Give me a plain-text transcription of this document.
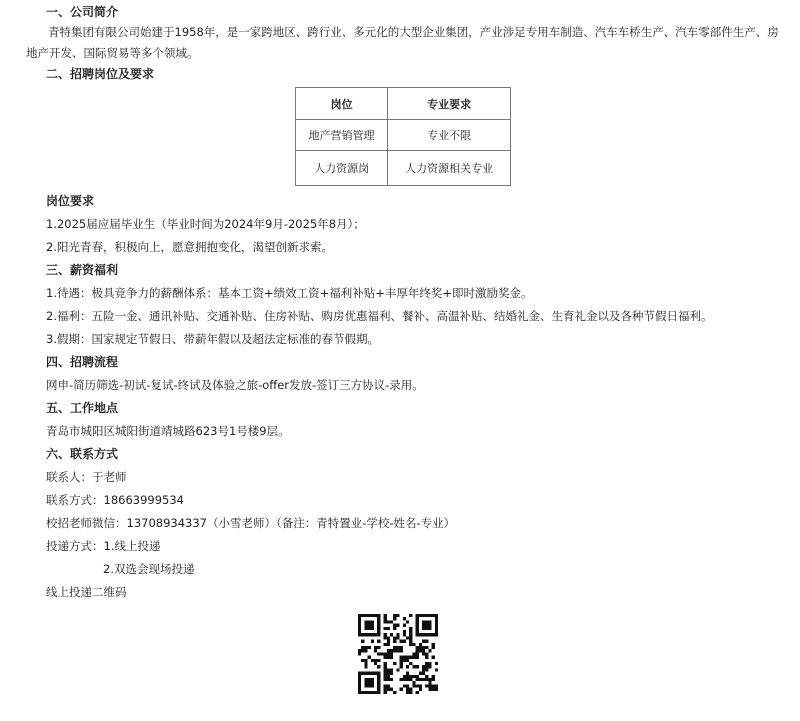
一、公司简介
青特集团有限公司始建于1958年，是一家跨地区、跨行业、多元化的大型企业集团，产业涉足专用车制造、汽车车桥生产、汽车零部件生产、房地产开发、国际贸易等多个领域。
二、招聘岗位及要求
岗位	专业要求
地产营销管理	专业不限
人力资源岗	人力资源相关专业
岗位要求
1.2025届应届毕业生（毕业时间为2024年9月-2025年8月）；
2.阳光青春，积极向上，愿意拥抱变化，渴望创新求索。
三、薪资福利
1.待遇：极具竞争力的薪酬体系：基本工资+绩效工资+福利补贴+丰厚年终奖+即时激励奖金。
2.福利：五险一金、通讯补贴、交通补贴、住房补贴、购房优惠福利、餐补、高温补贴、结婚礼金、生育礼金以及各种节假日福利。
3.假期：国家规定节假日、带薪年假以及超法定标准的春节假期。
四、招聘流程
网申-简历筛选-初试-复试-终试及体验之旅-offer发放-签订三方协议-录用。
五、工作地点
青岛市城阳区城阳街道靖城路623号1号楼9层。
六、联系方式
联系人：于老师
联系方式：18663999534
校招老师微信：13708934337（小雪老师）（备注：青特置业-学校-姓名-专业）
投递方式：1.线上投递
2.双选会现场投递
线上投递二维码
